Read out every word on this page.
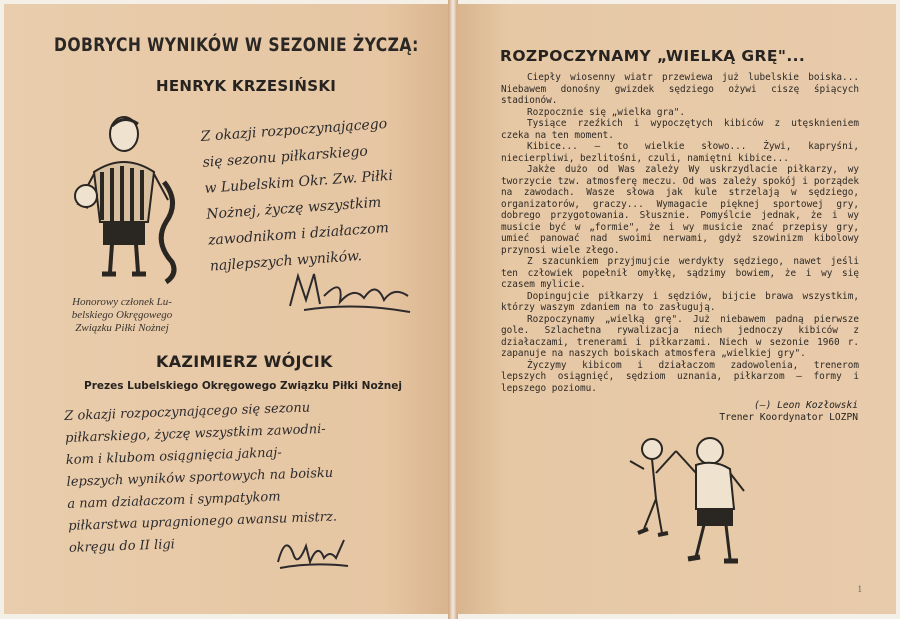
DOBRYCH WYNIKÓW W SEZONIE ŻYCZĄ:
HENRYK KRZESIŃSKI
Honorowy członek Lu-
belskiego Okręgowego
Związku Piłki Nożnej
Z okazji rozpoczynającego
się sezonu piłkarskiego
w Lubelskim Okr. Zw. Piłki
Nożnej, życzę wszystkim
zawodnikom i działaczom
najlepszych wyników.
KAZIMIERZ WÓJCIK
Prezes Lubelskiego Okręgowego Związku Piłki Nożnej
Z okazji rozpoczynającego się sezonu
piłkarskiego, życzę wszystkim zawodni-
kom i klubom osiągnięcia jaknaj-
lepszych wyników sportowych na boisku
a nam działaczom i sympatykom
piłkarstwa upragnionego awansu mistrz.
okręgu do II ligi
ROZPOCZYNAMY „WIELKĄ GRĘ"...

Ciepły wiosenny wiatr przewiewa już lubelskie boiska... Niebawem donośny gwizdek sędziego ożywi ciszę śpiących stadionów.

Rozpocznie się „wielka gra".

Tysiące rzeźkich i wypoczętych kibiców z utęsknieniem czeka na ten moment.

Kibice... — to wielkie słowo... Żywi, kapryśni, niecierpliwi, bezlitośni, czuli, namiętni kibice...

Jakże dużo od Was zależy Wy uskrzydlacie piłkarzy, wy tworzycie tzw. atmosferę meczu. Od was zależy spokój i porządek na zawodach. Wasze słowa jak kule strzelają w sędziego, organizatorów, graczy... Wymagacie pięknej sportowej gry, dobrego przygotowania. Słusznie. Pomyślcie jednak, że i wy musicie być w „formie", że i wy musicie znać przepisy gry, umieć panować nad swoimi nerwami, gdyż szowinizm kibolowy przynosi wiele złego.

Z szacunkiem przyjmujcie werdykty sędziego, nawet jeśli ten człowiek popełnił omyłkę, sądzimy bowiem, że i wy się czasem mylicie.

Dopingujcie piłkarzy i sędziów, bijcie brawa wszystkim, którzy waszym zdaniem na to zasługują.

Rozpoczynamy „wielką grę". Już niebawem padną pierwsze gole. Szlachetna rywalizacja niech jednoczy kibiców z działaczami, trenerami i piłkarzami. Niech w sezonie 1960 r. zapanuje na naszych boiskach atmosfera „wielkiej gry".

Życzymy kibicom i działaczom zadowolenia, trenerom lepszych osiągnięć, sędziom uznania, piłkarzom — formy i lepszego poziomu.

(—) Leon Kozłowski
Trener Koordynator LOZPN
1
